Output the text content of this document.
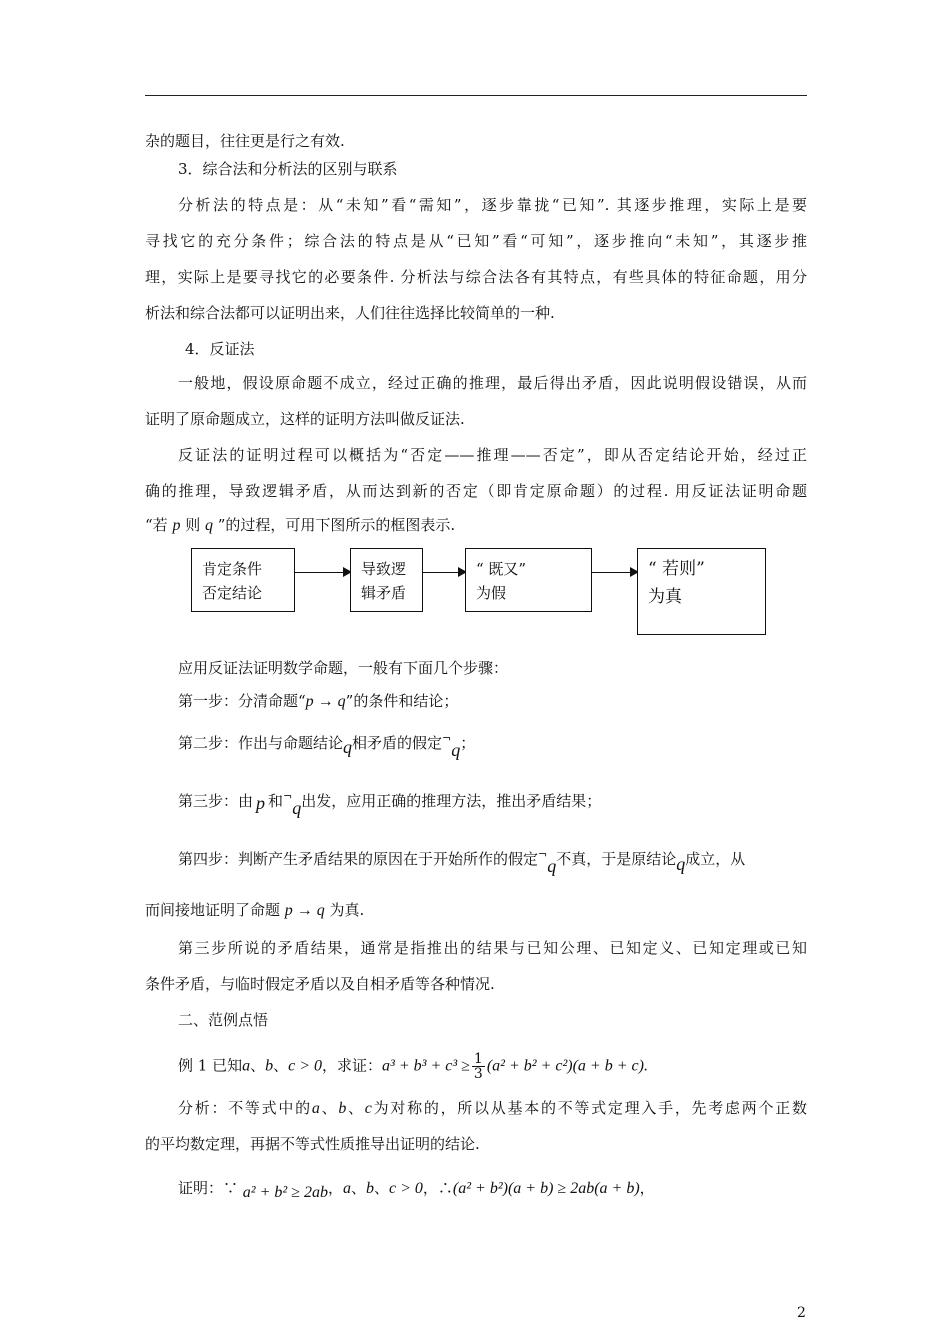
杂的题目，往往更是行之有效.
3．综合法和分析法的区别与联系
分析法的特点是：从“未知”看“需知”，逐步靠拢“已知”. 其逐步推理，实际上是要
寻找它的充分条件；综合法的特点是从“已知”看“可知”，逐步推向“未知”，其逐步推
理，实际上是要寻找它的必要条件. 分析法与综合法各有其特点，有些具体的特征命题，用分
析法和综合法都可以证明出来，人们往往选择比较简单的一种.
4．反证法
一般地，假设原命题不成立，经过正确的推理，最后得出矛盾，因此说明假设错误，从而
证明了原命题成立，这样的证明方法叫做反证法.
反证法的证明过程可以概括为“否定——推理——否定”，即从否定结论开始，经过正
确的推理，导致逻辑矛盾，从而达到新的否定（即肯定原命题）的过程. 用反证法证明命题
“若 p 则 q ”的过程，可用下图所示的框图表示.
肯定条件
否定结论
导致逻
辑矛盾
“ 既又”
为假
“ 若则”
为真
应用反证法证明数学命题，一般有下面几个步骤：
第一步：分清命题“p → q”的条件和结论；
第二步：作出与命题结论q相矛盾的假定¬q；
第三步：由 p 和¬q出发，应用正确的推理方法，推出矛盾结果；
第四步：判断产生矛盾结果的原因在于开始所作的假定¬q不真，于是原结论q成立，从
而间接地证明了命题 p → q 为真.
第三步所说的矛盾结果，通常是指推出的结果与已知公理、已知定义、已知定理或已知
条件矛盾，与临时假定矛盾以及自相矛盾等各种情况.
二、范例点悟
例 1 已知a、b、c > 0，求证：$a^3 + b^3 + c^3 \ge \frac{1}{3} (a^2 + b^2 + c^2)(a + b + c)$.
分析：不等式中的a、b、c为对称的，所以从基本的不等式定理入手，先考虑两个正数
的平均数定理，再据不等式性质推导出证明的结论.
证明：∵ a² + b² ≥ 2ab，a、b、c > 0，∴(a² + b²)(a + b) ≥ 2ab(a + b)，
2
